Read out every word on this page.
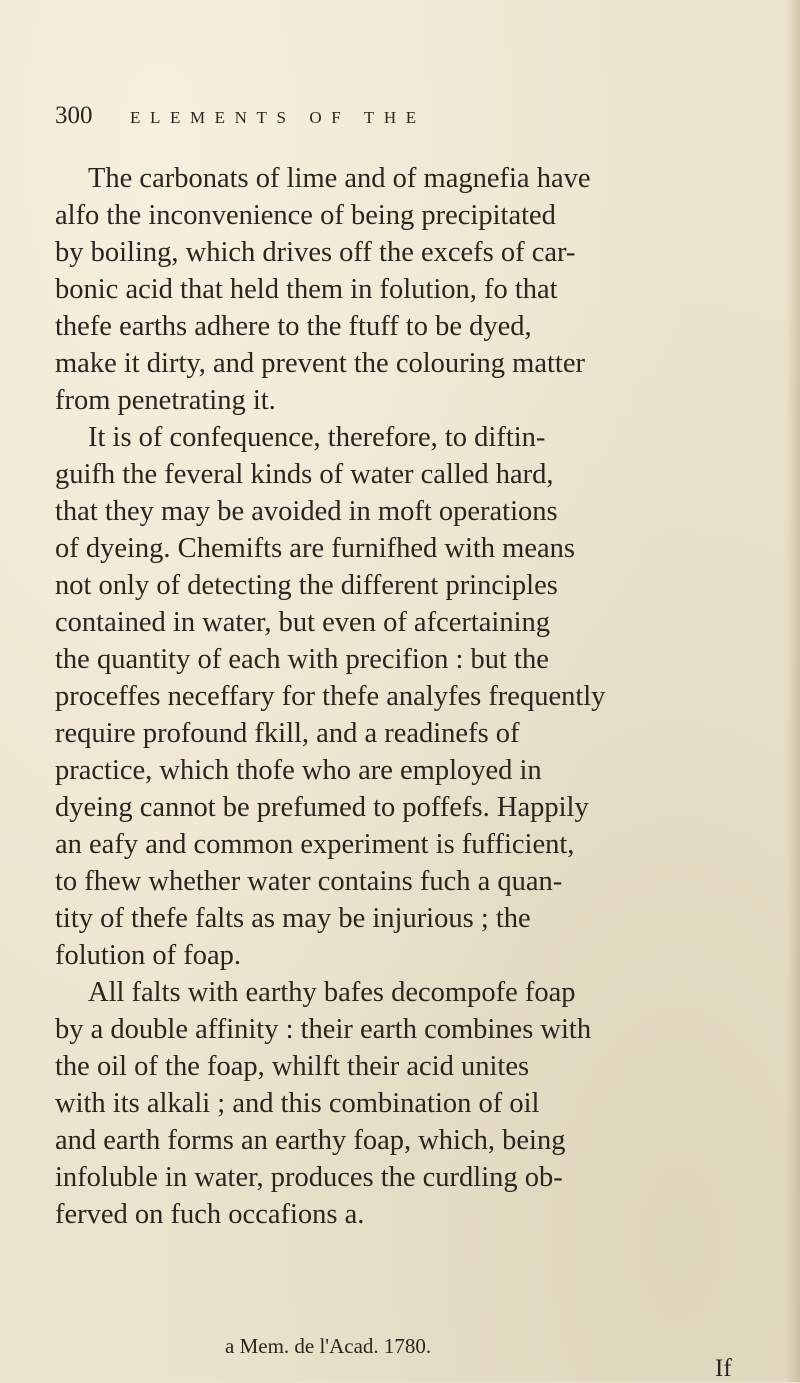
300 ELEMENTS OF THE
The carbonats of lime and of magnefia have
alfo the inconvenience of being precipitated
by boiling, which drives off the excefs of car-
bonic acid that held them in folution, fo that
thefe earths adhere to the ftuff to be dyed,
make it dirty, and prevent the colouring matter
from penetrating it.
It is of confequence, therefore, to diftin-
guifh the feveral kinds of water called hard,
that they may be avoided in moft operations
of dyeing. Chemifts are furnifhed with means
not only of detecting the different principles
contained in water, but even of afcertaining
the quantity of each with precifion : but the
proceffes neceffary for thefe analyfes frequently
require profound fkill, and a readinefs of
practice, which thofe who are employed in
dyeing cannot be prefumed to poffefs. Happily
an eafy and common experiment is fufficient,
to fhew whether water contains fuch a quan-
tity of thefe falts as may be injurious ; the
folution of foap.
All falts with earthy bafes decompofe foap
by a double affinity : their earth combines with
the oil of the foap, whilft their acid unites
with its alkali ; and this combination of oil
and earth forms an earthy foap, which, being
infoluble in water, produces the curdling ob-
ferved on fuch occafions a.
a Mem. de l'Acad. 1780.
If
